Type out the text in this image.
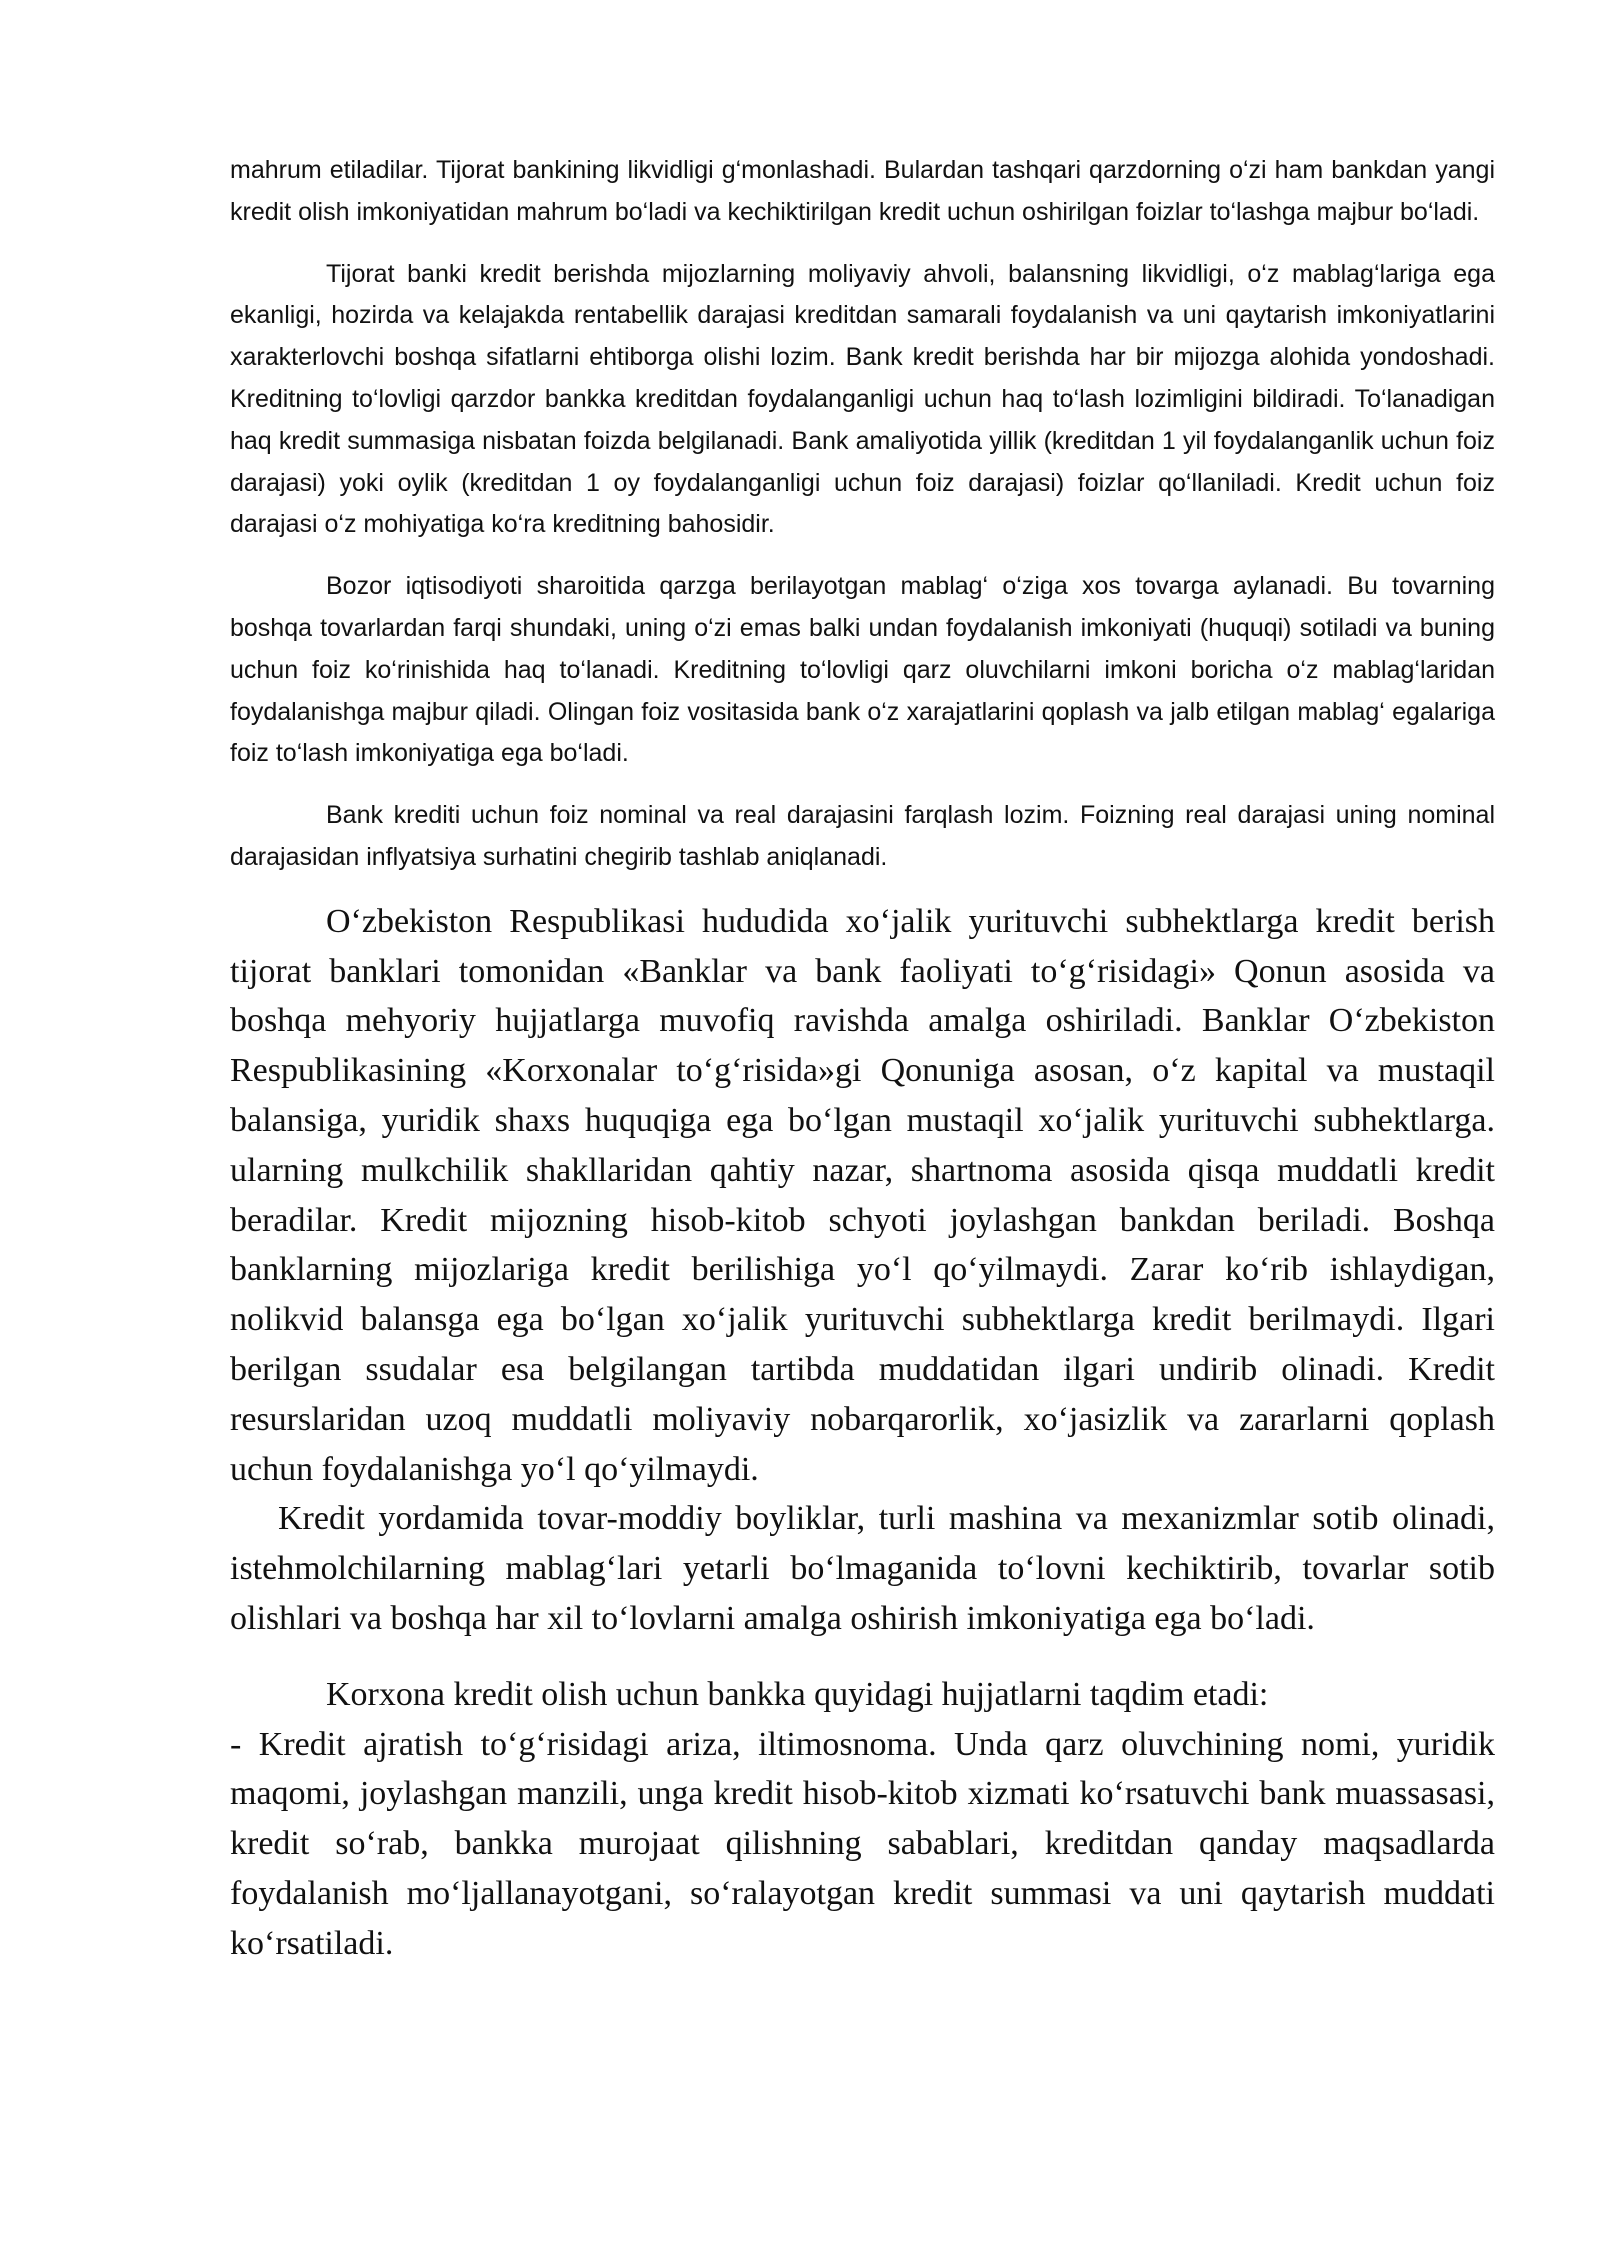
mahrum etiladilar. Tijorat bankining likvidligi g‘monlashadi. Bulardan tashqari qarzdorning o‘zi ham bankdan yangi kredit olish imkoniyatidan mahrum bo‘ladi va kechiktirilgan kredit uchun oshirilgan foizlar to‘lashga majbur bo‘ladi.

Tijorat banki kredit berishda mijozlarning moliyaviy ahvoli, balansning likvidligi, o‘z mablag‘lariga ega ekanligi, hozirda va kelajakda rentabellik darajasi kreditdan samarali foydalanish va uni qaytarish imkoniyatlarini xarakterlovchi boshqa sifatlarni ehtiborga olishi lozim. Bank kredit berishda har bir mijozga alohida yondoshadi. Kreditning to‘lovligi qarzdor bankka kreditdan foydalanganligi uchun haq to‘lash lozimligini bildiradi. To‘lanadigan haq kredit summasiga nisbatan foizda belgilanadi. Bank amaliyotida yillik (kreditdan 1 yil foydalanganlik uchun foiz darajasi) yoki oylik (kreditdan 1 oy foydalanganligi uchun foiz darajasi) foizlar qo‘llaniladi. Kredit uchun foiz darajasi o‘z mohiyatiga ko‘ra kreditning bahosidir.

Bozor iqtisodiyoti sharoitida qarzga berilayotgan mablag‘ o‘ziga xos tovarga aylanadi. Bu tovarning boshqa tovarlardan farqi shundaki, uning o‘zi emas balki undan foydalanish imkoniyati (huquqi) sotiladi va buning uchun foiz ko‘rinishida haq to‘lanadi. Kreditning to‘lovligi qarz oluvchilarni imkoni boricha o‘z mablag‘laridan foydalanishga majbur qiladi. Olingan foiz vositasida bank o‘z xarajatlarini qoplash va jalb etilgan mablag‘ egalariga foiz to‘lash imkoniyatiga ega bo‘ladi.

Bank krediti uchun foiz nominal va real darajasini farqlash lozim. Foizning real darajasi uning nominal darajasidan inflyatsiya surhatini chegirib tashlab aniqlanadi.

O‘zbekiston Respublikasi hududida xo‘jalik yurituvchi subhektlarga kredit berish tijorat banklari tomonidan «Banklar va bank faoliyati to‘g‘risidagi» Qonun asosida va boshqa mehyoriy hujjatlarga muvofiq ravishda amalga oshiriladi. Banklar O‘zbekiston Respublikasining «Korxonalar to‘g‘risida»gi Qonuniga asosan, o‘z kapital va mustaqil balansiga, yuridik shaxs huquqiga ega bo‘lgan mustaqil xo‘jalik yurituvchi subhektlarga. ularning mulkchilik shakllaridan qahtiy nazar, shartnoma asosida qisqa muddatli kredit beradilar. Kredit mijozning hisob-kitob schyoti joylashgan bankdan beriladi. Boshqa banklarning mijozlariga kredit berilishiga yo‘l qo‘yilmaydi. Zarar ko‘rib ishlaydigan, nolikvid balansga ega bo‘lgan xo‘jalik yurituvchi subhektlarga kredit berilmaydi. Ilgari berilgan ssudalar esa belgilangan tartibda muddatidan ilgari undirib olinadi. Kredit resurslaridan uzoq muddatli moliyaviy nobarqarorlik, xo‘jasizlik va zararlarni qoplash uchun foydalanishga yo‘l qo‘yilmaydi.

Kredit yordamida tovar-moddiy boyliklar, turli mashina va mexanizmlar sotib olinadi, istehmolchilarning mablag‘lari yetarli bo‘lmaganida to‘lovni kechiktirib, tovarlar sotib olishlari va boshqa har xil to‘lovlarni amalga oshirish imkoniyatiga ega bo‘ladi.

Korxona kredit olish uchun bankka quyidagi hujjatlarni taqdim etadi:

- Kredit ajratish to‘g‘risidagi ariza, iltimosnoma. Unda qarz oluvchining nomi, yuridik maqomi, joylashgan manzili, unga kredit hisob-kitob xizmati ko‘rsatuvchi bank muassasasi, kredit so‘rab, bankka murojaat qilishning sabablari, kreditdan qanday maqsadlarda foydalanish mo‘ljallanayotgani, so‘ralayotgan kredit summasi va uni qaytarish muddati ko‘rsatiladi.
